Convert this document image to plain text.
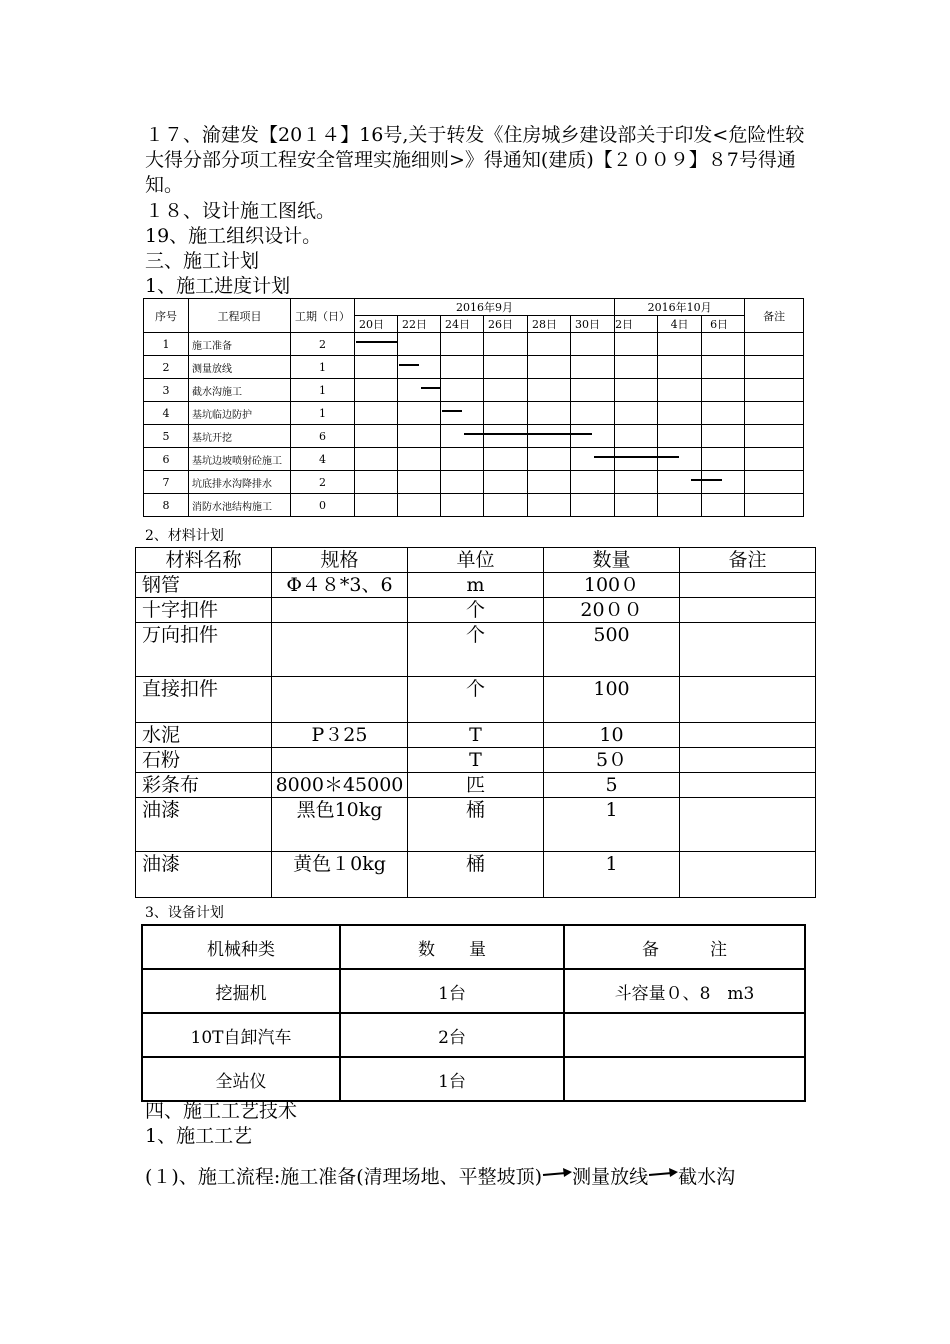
１７、渝建发【20１４】16号,关于转发《住房城乡建设部关于印发<危险性较大得分部分项工程安全管理实施细则>》得通知(建质)【２００９】８7号得通知。

１８、设计施工图纸。

19、施工组织设计。

三、施工计划

1、施工进度计划

序号	工程项目	工期（日）	2016年9月						2016年10月			备注
			20日	22日	24日	26日	28日	30日	2日	4日	6日	
1	施工准备	2										
2	测量放线	1										
3	截水沟施工	1										
4	基坑临边防护	1										
5	基坑开挖	6										
6	基坑边坡喷射砼施工	4										
7	坑底排水沟降排水	2										
8	消防水池结构施工	0										

2、材料计划

材料名称	规格	单位	数量	备注
钢管	Φ４８*3、6	m	100０	
十字扣件		个	20００	
万向扣件		个	500	
直接扣件		个	100	
水泥	P３25	T	10	
石粉		T	5０	
彩条布	8000＊45000	匹	5	
油漆	黑色10kg	桶	1	
油漆	黄色１0kg	桶	1	

3、设备计划

机械种类	数　　量	备　　　注
挖掘机	1台	斗容量０、8　m3
10T自卸汽车	2台	
全站仪	1台	

四、施工工艺技术

1、施工工艺

(１)、施工流程:施工准备(清理场地、平整坡顶) 测量放线 截水沟
